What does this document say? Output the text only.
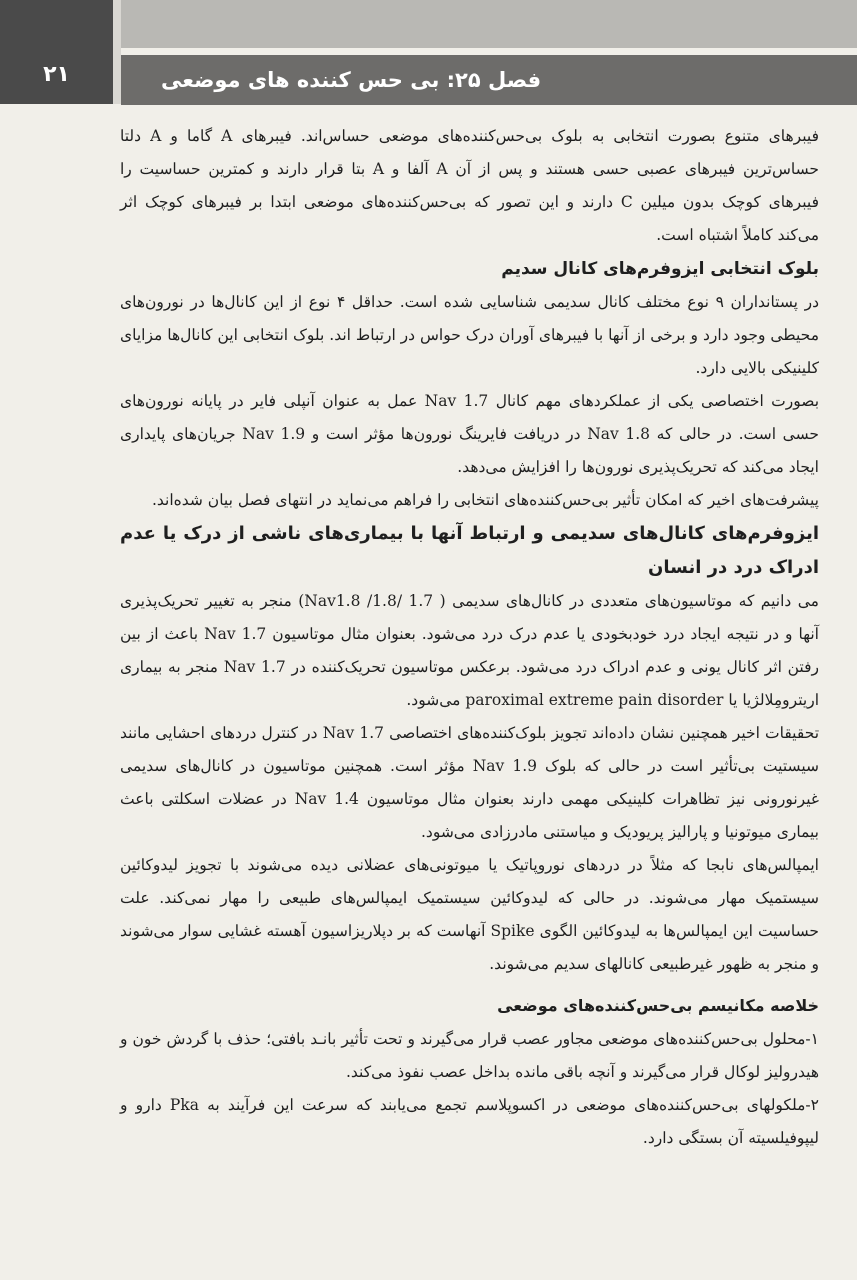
۲۱	فصل ۲۵: بی حس کننده های موضعی

فیبرهای متنوع بصورت انتخابی به بلوک بی‌حس‌کننده‌های موضعی حساس‌اند. فیبرهای A گاما و A دلتا حساس‌ترین فیبرهای عصبی حسی هستند و پس از آن A آلفا و A بتا قرار دارند و کمترین حساسیت را فیبرهای کوچک بدون میلین C دارند و این تصور که بی‌حس‌کننده‌های موضعی ابتدا بر فیبرهای کوچک اثر می‌کند کاملاً اشتباه است.

بلوک انتخابی ایزوفرم‌های کانال سدیم

در پستانداران ۹ نوع مختلف کانال سدیمی شناسایی شده است. حداقل ۴ نوع از این کانال‌ها در نورون‌های محیطی وجود دارد و برخی از آنها با فیبرهای آوران درک حواس در ارتباط اند. بلوک انتخابی این کانال‌ها مزایای کلینیکی بالایی دارد.

بصورت اختصاصی یکی از عملکردهای مهم کانال Nav 1.7 عمل به عنوان آنپلی فایر در پایانه نورون‌های حسی است. در حالی که Nav 1.8 در دریافت فایرینگ نورون‌ها مؤثر است و Nav 1.9 جریان‌های پایداری ایجاد می‌کند که تحریک‌پذیری نورون‌ها را افزایش می‌دهد.

پیشرفت‌های اخیر که امکان تأثیر بی‌حس‌کننده‌های انتخابی را فراهم می‌نماید در انتهای فصل بیان شده‌اند.

ایزوفرم‌های کانال‌های سدیمی و ارتباط آنها با بیماری‌های ناشی از درک یا عدم ادراک درد در انسان

می دانیم که موتاسیون‌های متعددی در کانال‌های سدیمی ( 1.7 /1.8/ Nav1.8) منجر به تغییر تحریک‌پذیری آنها و در نتیجه ایجاد درد خودبخودی یا عدم درک درد می‌شود. بعنوان مثال موتاسیون Nav 1.7 باعث از بین رفتن اثر کانال یونی و عدم ادراک درد می‌شود. برعکس موتاسیون تحریک‌کننده در Nav 1.7 منجر به بیماری اریترومِلالژیا یا paroximal extreme pain disorder می‌شود.

تحقیقات اخیر همچنین نشان داده‌اند تجویز بلوک‌کننده‌های اختصاصی Nav 1.7 در کنترل دردهای احشایی مانند سیستیت بی‌تأثیر است در حالی که بلوک Nav 1.9 مؤثر است. همچنین موتاسیون در کانال‌های سدیمی غیرنورونی نیز تظاهرات کلینیکی مهمی دارند بعنوان مثال موتاسیون Nav 1.4 در عضلات اسکلتی باعث بیماری میوتونیا و پارالیز پریودیک و میاستنی مادرزادی می‌شود.

ایمپالس‌های نابجا که مثلاً در دردهای نوروپاتیک یا میوتونی‌های عضلانی دیده می‌شوند با تجویز لیدوکائین سیستمیک مهار می‌شوند. در حالی که لیدوکائین سیستمیک ایمپالس‌های طبیعی را مهار نمی‌کند. علت حساسیت این ایمپالس‌ها به لیدوکائین الگوی Spike آنهاست که بر دپلاریزاسیون آهسته غشایی سوار می‌شوند و منجر به ظهور غیرطبیعی کانالهای سدیم می‌شوند.

خلاصه مکانیسم بی‌حس‌کننده‌های موضعی

۱-محلول بی‌حس‌کننده‌های موضعی مجاور عصب قرار می‌گیرند و تحت تأثیر بانـد بافتی؛ حذف با گردش خون و هیدرولیز لوکال قرار می‌گیرند و آنچه باقی مانده بداخل عصب نفوذ می‌کند.

۲-ملکولهای بی‌حس‌کننده‌های موضعی در اکسوپلاسم تجمع می‌یابند که سرعت این فرآیند به Pka دارو و لیپوفیلسیته آن بستگی دارد.
